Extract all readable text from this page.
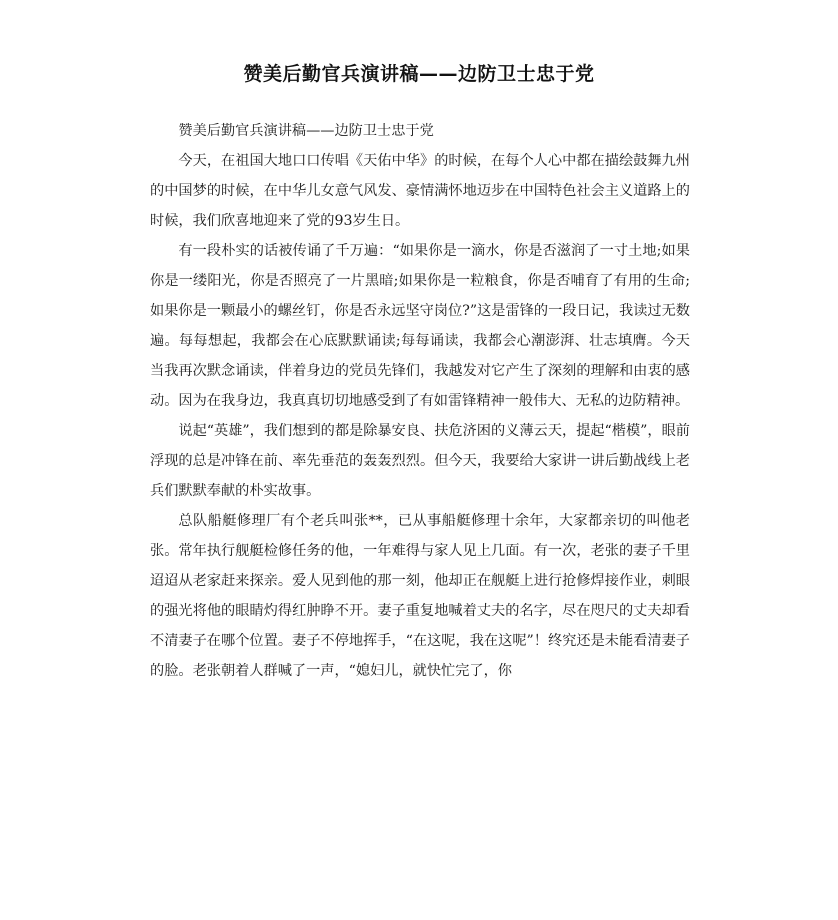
赞美后勤官兵演讲稿——边防卫士忠于党

赞美后勤官兵演讲稿——边防卫士忠于党

今天，在祖国大地口口传唱《天佑中华》的时候，在每个人心中都在描绘鼓舞九州的中国梦的时候，在中华儿女意气风发、豪情满怀地迈步在中国特色社会主义道路上的时候，我们欣喜地迎来了党的93岁生日。

有一段朴实的话被传诵了千万遍：“如果你是一滴水，你是否滋润了一寸土地;如果你是一缕阳光，你是否照亮了一片黑暗;如果你是一粒粮食，你是否哺育了有用的生命;如果你是一颗最小的螺丝钉，你是否永远坚守岗位?”这是雷锋的一段日记，我读过无数遍。每每想起，我都会在心底默默诵读;每每诵读，我都会心潮澎湃、壮志填膺。今天当我再次默念诵读，伴着身边的党员先锋们，我越发对它产生了深刻的理解和由衷的感动。因为在我身边，我真真切切地感受到了有如雷锋精神一般伟大、无私的边防精神。

说起“英雄”，我们想到的都是除暴安良、扶危济困的义薄云天，提起“楷模”，眼前浮现的总是冲锋在前、率先垂范的轰轰烈烈。但今天，我要给大家讲一讲后勤战线上老兵们默默奉献的朴实故事。

总队船艇修理厂有个老兵叫张**，已从事船艇修理十余年，大家都亲切的叫他老张。常年执行舰艇检修任务的他，一年难得与家人见上几面。有一次，老张的妻子千里迢迢从老家赶来探亲。爱人见到他的那一刻，他却正在舰艇上进行抢修焊接作业，刺眼的强光将他的眼睛灼得红肿睁不开。妻子重复地喊着丈夫的名字，尽在咫尺的丈夫却看不清妻子在哪个位置。妻子不停地挥手，“在这呢，我在这呢”！终究还是未能看清妻子的脸。老张朝着人群喊了一声，“媳妇儿，就快忙完了，你
